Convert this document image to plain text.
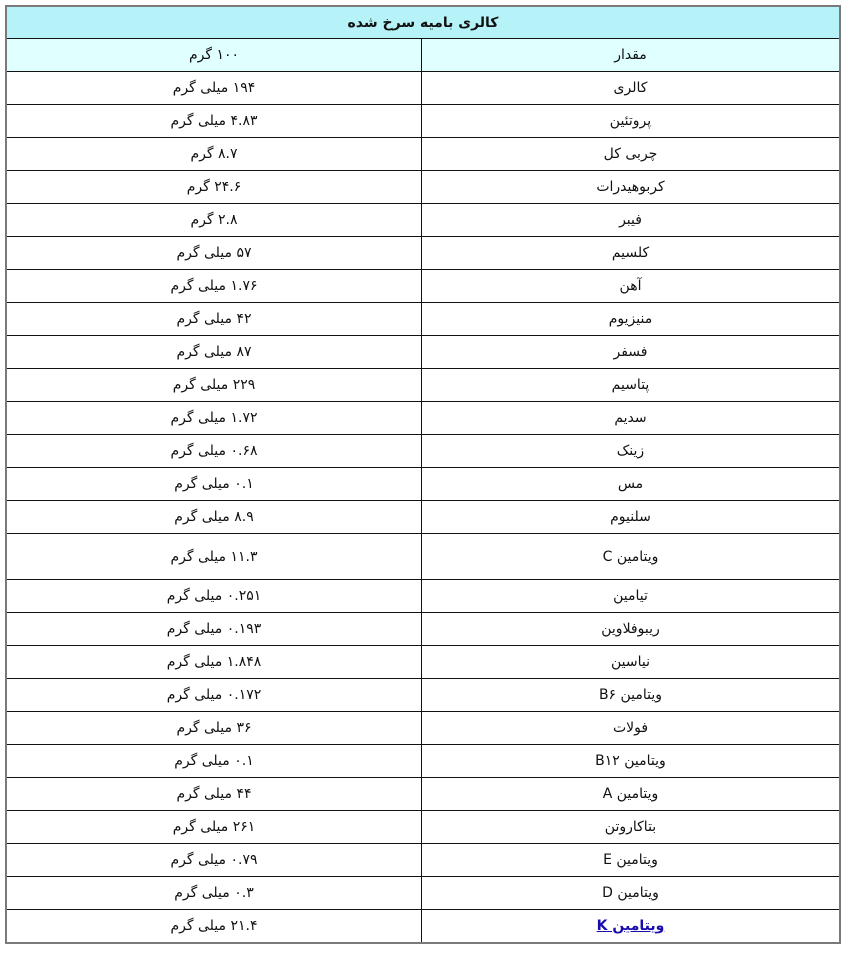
کالری بامیه سرخ شده	
مقدار	۱۰۰ گرم
کالری	۱۹۴ میلی گرم
پروتئین	۴.۸۳ میلی گرم
چربی کل	۸.۷ گرم
کربوهیدرات	۲۴.۶ گرم
فیبر	۲.۸ گرم
کلسیم	۵۷ میلی گرم
آهن	۱.۷۶ میلی گرم
منیزیوم	۴۲ میلی گرم
فسفر	۸۷ میلی گرم
پتاسیم	۲۲۹ میلی گرم
سدیم	۱.۷۲ میلی گرم
زینک	۰.۶۸ میلی گرم
مس	۰.۱ میلی گرم
سلنیوم	۸.۹ میلی گرم
ویتامین C	۱۱.۳ میلی گرم
تیامین	۰.۲۵۱ میلی گرم
ریبوفلاوین	۰.۱۹۳ میلی گرم
نیاسین	۱.۸۴۸ میلی گرم
ویتامین B۶	۰.۱۷۲ میلی گرم
فولات	۳۶ میلی گرم
ویتامین B۱۲	۰.۱ میلی گرم
ویتامین A	۴۴ میلی گرم
بتاکاروتن	۲۶۱ میلی گرم
ویتامین E	۰.۷۹ میلی گرم
ویتامین D	۰.۳ میلی گرم
ویتامین K	۲۱.۴ میلی گرم
